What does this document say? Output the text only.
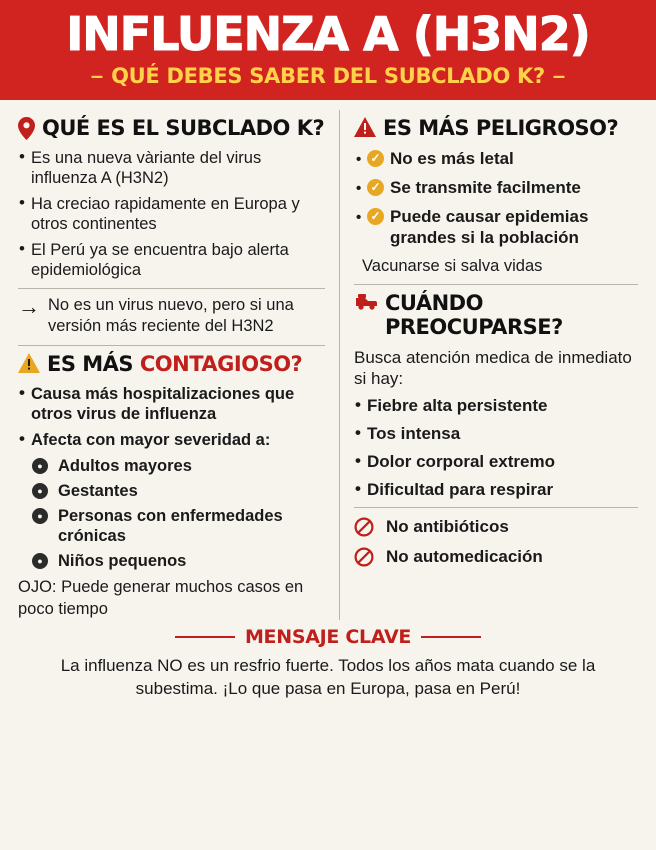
INFLUENZA A (H3N2)
– QUÉ DEBES SABER DEL SUBCLADO K? –
QUÉ ES EL SUBCLADO K?
• Es una nueva vàriante del virus influenza A (H3N2)
• Ha creciao rapidamente en Europa y otros continentes
• El Perú ya se encuentra bajo alerta epidemiológica
→ No es un virus nuevo, pero si una versión más reciente del H3N2
ES MÁS CONTAGIOSO?
• Causa más hospitalizaciones que otros virus de influenza
• Afecta con mayor severidad a:
● Adultos mayores
● Gestantes
● Personas con enfermedades crónicas
● Niños pequenos
OJO: Puede generar muchos casos en poco tiempo
ES MÁS PELIGROSO?
• ✓ No es más letal
• ✓ Se transmite facilmente
• ✓ Puede causar epidemias grandes si la población
Vacunarse si salva vidas
CUÁNDO PREOCUPARSE?
Busca atención medica de inmediato si hay:
• Fiebre alta persistente
• Tos intensa
• Dolor corporal extremo
• Dificultad para respirar
No antibióticos
No automedicación
MENSAJE CLAVE
La influenza NO es un resfrio fuerte. Todos los años mata cuando se la subestima. ¡Lo que pasa en Europa, pasa en Perú!
